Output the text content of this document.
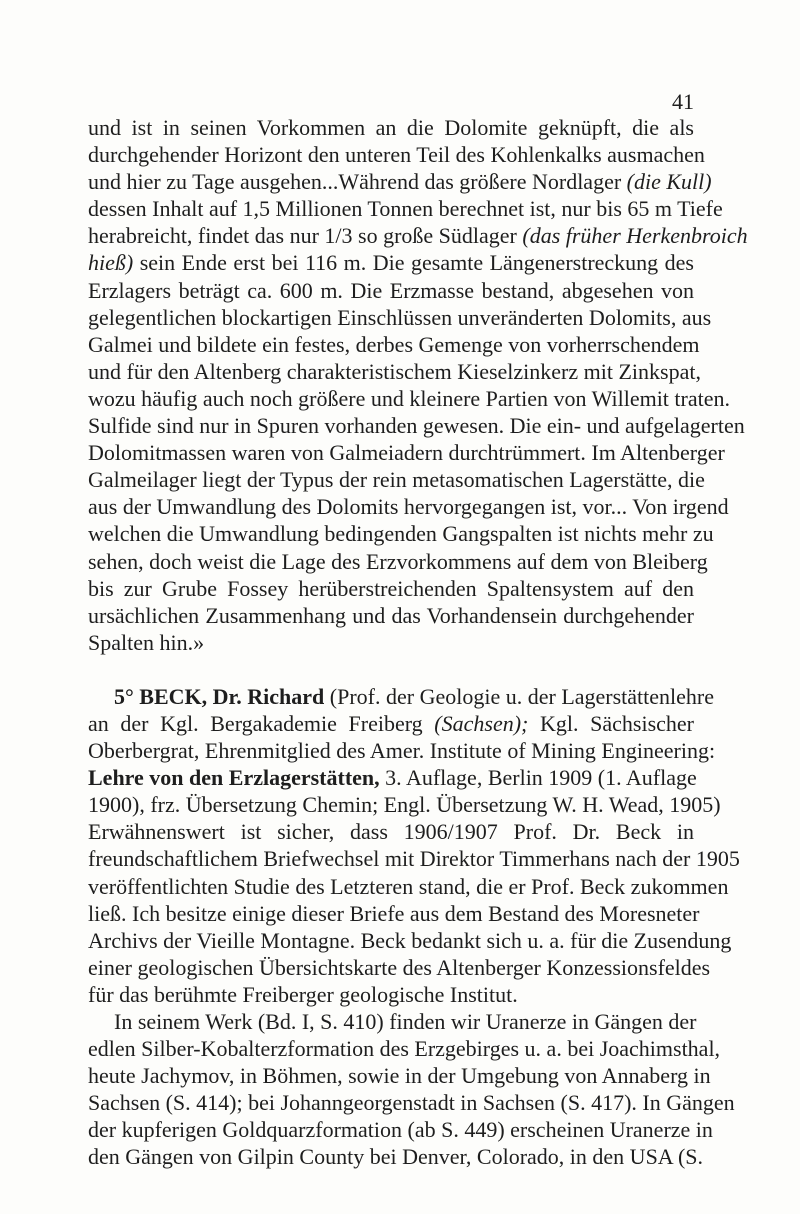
41

und ist in seinen Vorkommen an die Dolomite geknüpft, die als
durchgehender Horizont den unteren Teil des Kohlenkalks ausmachen
und hier zu Tage ausgehen...Während das größere Nordlager (die Kull)
dessen Inhalt auf 1,5 Millionen Tonnen berechnet ist, nur bis 65 m Tiefe
herabreicht, findet das nur 1/3 so große Südlager (das früher Herkenbroich
hieß) sein Ende erst bei 116 m. Die gesamte Längenerstreckung des
Erzlagers beträgt ca. 600 m. Die Erzmasse bestand, abgesehen von
gelegentlichen blockartigen Einschlüssen unveränderten Dolomits, aus
Galmei und bildete ein festes, derbes Gemenge von vorherrschendem
und für den Altenberg charakteristischem Kieselzinkerz mit Zinkspat,
wozu häufig auch noch größere und kleinere Partien von Willemit traten.
Sulfide sind nur in Spuren vorhanden gewesen. Die ein- und aufgelagerten
Dolomitmassen waren von Galmeiadern durchtrümmert. Im Altenberger
Galmeilager liegt der Typus der rein metasomatischen Lagerstätte, die
aus der Umwandlung des Dolomits hervorgegangen ist, vor... Von irgend
welchen die Umwandlung bedingenden Gangspalten ist nichts mehr zu
sehen, doch weist die Lage des Erzvorkommens auf dem von Bleiberg
bis zur Grube Fossey herüberstreichenden Spaltensystem auf den
ursächlichen Zusammenhang und das Vorhandensein durchgehender
Spalten hin.»

5° BECK, Dr. Richard (Prof. der Geologie u. der Lagerstättenlehre
an der Kgl. Bergakademie Freiberg (Sachsen); Kgl. Sächsischer
Oberbergrat, Ehrenmitglied des Amer. Institute of Mining Engineering:
Lehre von den Erzlagerstätten, 3. Auflage, Berlin 1909 (1. Auflage
1900), frz. Übersetzung Chemin; Engl. Übersetzung W. H. Wead, 1905)
Erwähnenswert ist sicher, dass 1906/1907 Prof. Dr. Beck in
freundschaftlichem Briefwechsel mit Direktor Timmerhans nach der 1905
veröffentlichten Studie des Letzteren stand, die er Prof. Beck zukommen
ließ. Ich besitze einige dieser Briefe aus dem Bestand des Moresneter
Archivs der Vieille Montagne. Beck bedankt sich u. a. für die Zusendung
einer geologischen Übersichtskarte des Altenberger Konzessionsfeldes
für das berühmte Freiberger geologische Institut.

In seinem Werk (Bd. I, S. 410) finden wir Uranerze in Gängen der
edlen Silber-Kobalterzformation des Erzgebirges u. a. bei Joachimsthal,
heute Jachymov, in Böhmen, sowie in der Umgebung von Annaberg in
Sachsen (S. 414); bei Johanngeorgenstadt in Sachsen (S. 417). In Gängen
der kupferigen Goldquarzformation (ab S. 449) erscheinen Uranerze in
den Gängen von Gilpin County bei Denver, Colorado, in den USA (S.
